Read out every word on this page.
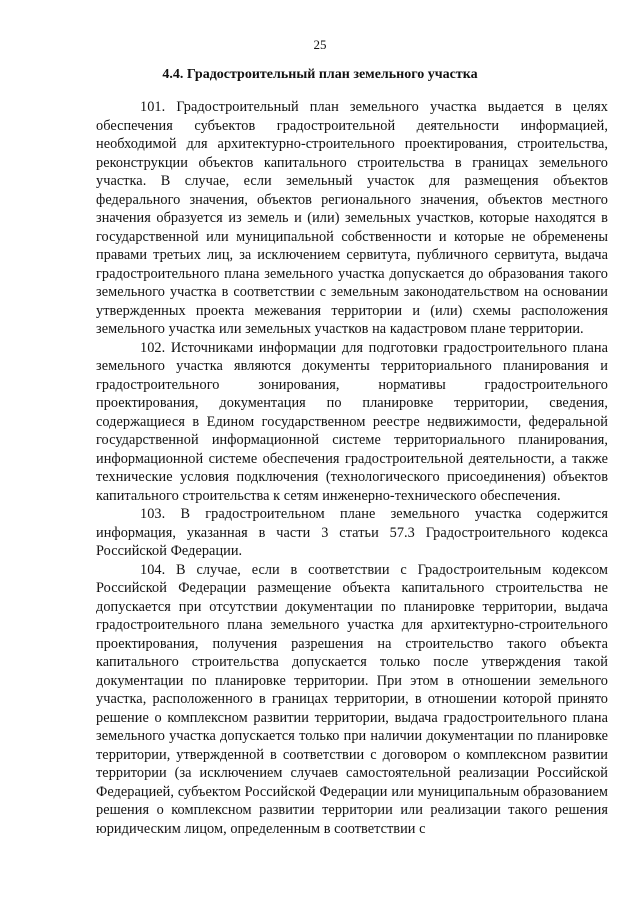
25
4.4. Градостроительный план земельного участка

101. Градостроительный план земельного участка выдается в целях обеспечения субъектов градостроительной деятельности информацией, необходимой для архитектурно-строительного проектирования, строительства, реконструкции объектов капитального строительства в границах земельного участка. В случае, если земельный участок для размещения объектов федерального значения, объектов регионального значения, объектов местного значения образуется из земель и (или) земельных участков, которые находятся в государственной или муниципальной собственности и которые не обременены правами третьих лиц, за исключением сервитута, публичного сервитута, выдача градостроительного плана земельного участка допускается до образования такого земельного участка в соответствии с земельным законодательством на основании утвержденных проекта межевания территории и (или) схемы расположения земельного участка или земельных участков на кадастровом плане территории.

102. Источниками информации для подготовки градостроительного плана земельного участка являются документы территориального планирования и градостроительного зонирования, нормативы градостроительного проектирования, документация по планировке территории, сведения, содержащиеся в Едином государственном реестре недвижимости, федеральной государственной информационной системе территориального планирования, информационной системе обеспечения градостроительной деятельности, а также технические условия подключения (технологического присоединения) объектов капитального строительства к сетям инженерно-технического обеспечения.

103. В градостроительном плане земельного участка содержится информация, указанная в части 3 статьи 57.3 Градостроительного кодекса Российской Федерации.

104. В случае, если в соответствии с Градостроительным кодексом Российской Федерации размещение объекта капитального строительства не допускается при отсутствии документации по планировке территории, выдача градостроительного плана земельного участка для архитектурно-строительного проектирования, получения разрешения на строительство такого объекта капитального строительства допускается только после утверждения такой документации по планировке территории. При этом в отношении земельного участка, расположенного в границах территории, в отношении которой принято решение о комплексном развитии территории, выдача градостроительного плана земельного участка допускается только при наличии документации по планировке территории, утвержденной в соответствии с договором о комплексном развитии территории (за исключением случаев самостоятельной реализации Российской Федерацией, субъектом Российской Федерации или муниципальным образованием решения о комплексном развитии территории или реализации такого решения юридическим лицом, определенным в соответствии с
